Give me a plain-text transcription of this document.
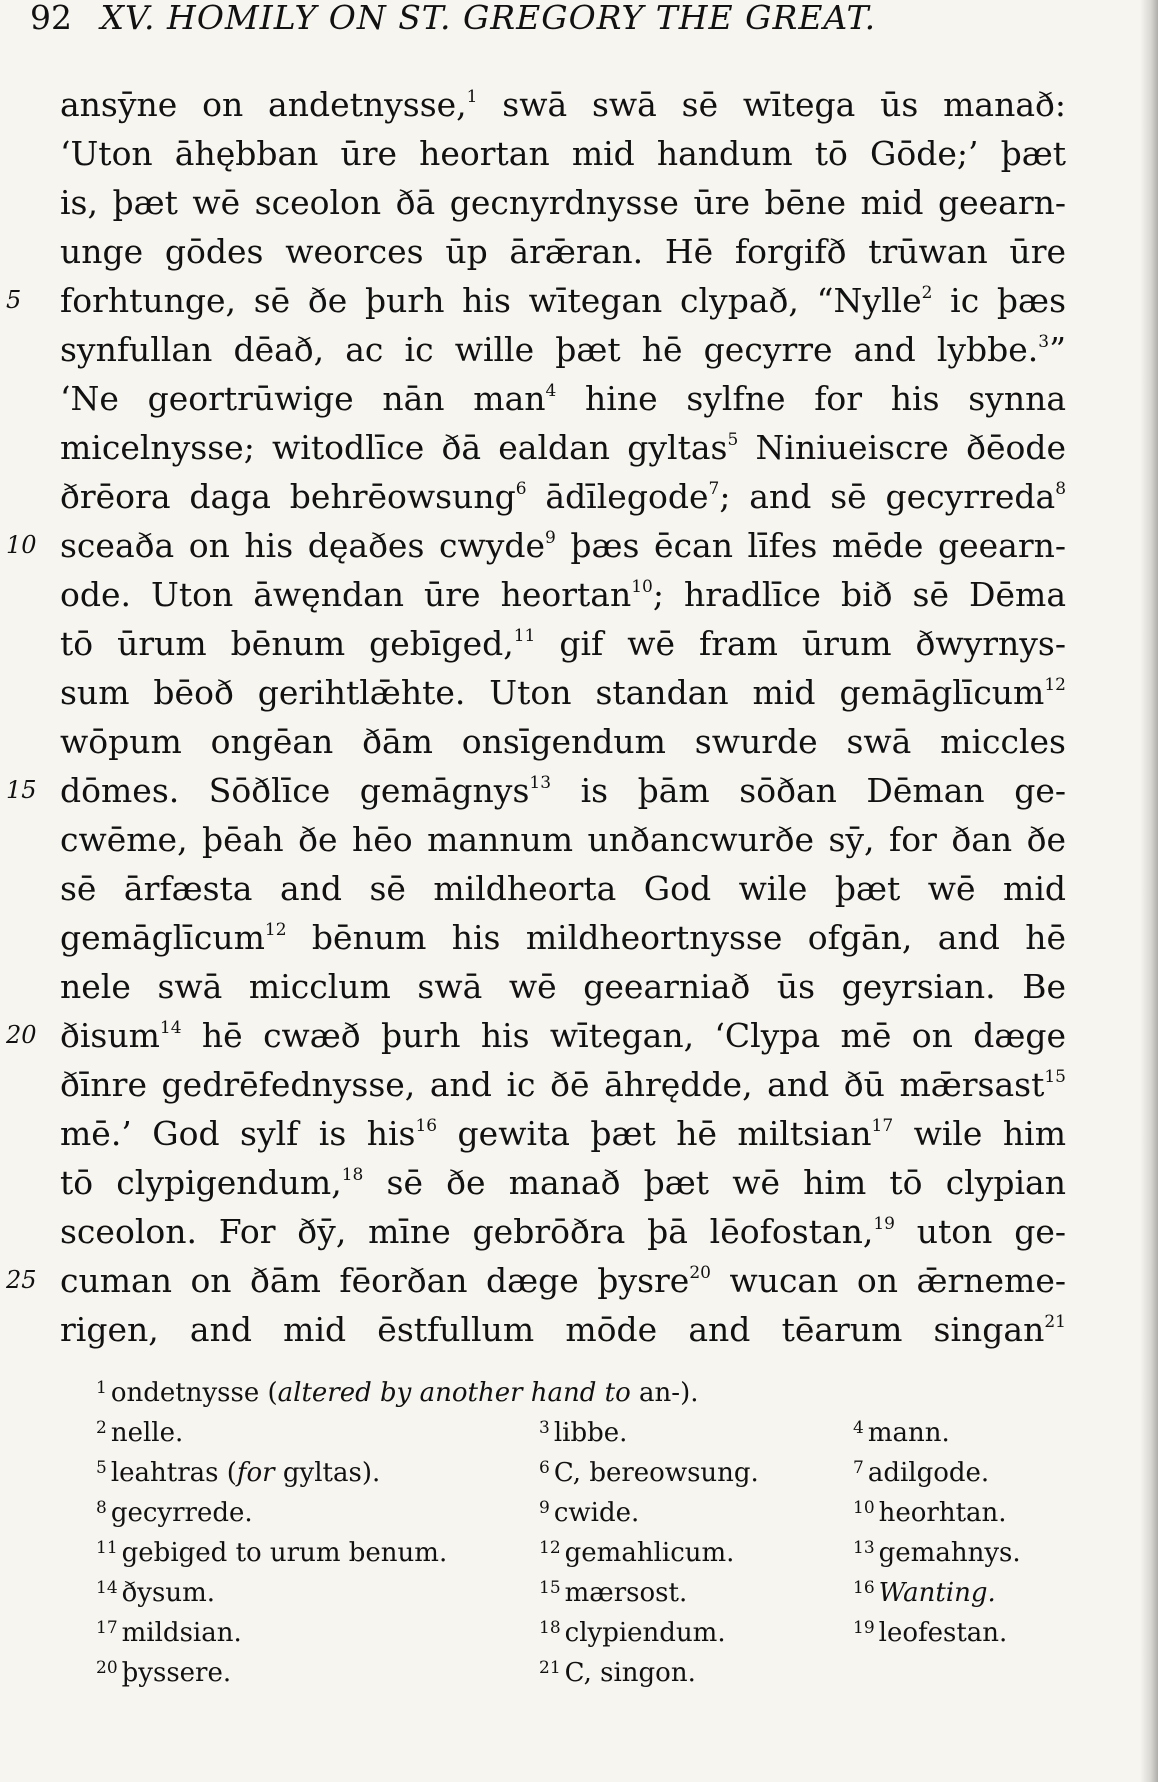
92 XV. HOMILY ON ST. GREGORY THE GREAT.
ansȳne on andetnysse,$^1$ swā swā sē wītega ūs manað:
‘Uton āhębban ūre heortan mid handum tō Gōde;’ þæt
is, þæt wē sceolon ðā gecnyrdnysse ūre bēne mid geearn-
unge gōdes weorces ūp ārǣran. Hē forgifð trūwan ūre
5	forhtunge, sē ðe þurh his wītegan clypað, “Nylle$^2$ ic þæs
synfullan dēað, ac ic wille þæt hē gecyrre and lybbe.$^3$”
‘Ne geortrūwige nān man$^4$ hine sylfne for his synna
micelnysse; witodlīce ðā ealdan gyltas$^5$ Niniueiscre ðēode
ðrēora daga behrēowsung$^6$ ādīlegode$^7$; and sē gecyrreda$^8$
10 sceaða on his dęaðes cwyde$^9$ þæs ēcan līfes mēde geearn-
ode. Uton āwęndan ūre heortan$^{10}$; hradlīce bið sē Dēma
tō ūrum bēnum gebīged,$^{11}$ gif wē fram ūrum ðwyrnys-
sum bēoð gerihtlǣhte. Uton standan mid gemāglīcum$^{12}$
wōpum ongēan ðām onsīgendum swurde swā miccles
15 dōmes. Sōðlīce gemāgnys$^{13}$ is þām sōðan Dēman ge-
cwēme, þēah ðe hēo mannum unðancwurðe sȳ, for ðan ðe
sē ārfæsta and sē mildheorta God wile þæt wē mid
gemāglīcum$^{12}$ bēnum his mildheortnysse ofgān, and hē
nele swā micclum swā wē geearniað ūs geyrsian. Be
20 ðisum$^{14}$ hē cwæð þurh his wītegan, ‘Clypa mē on dæge
ðīnre gedrēfednysse, and ic ðē āhrędde, and ðū mǣrsast$^{15}$
mē.’ God sylf is his$^{16}$ gewita þæt hē miltsian$^{17}$ wile him
tō clypigendum,$^{18}$ sē ðe manað þæt wē him tō clypian
sceolon. For ðȳ, mīne gebrōðra þā lēofostan,$^{19}$ uton ge-
25 cuman on ðām fēorðan dæge þysre$^{20}$ wucan on ǣrneme-
rigen, and mid ēstfullum mōde and tēarum singan$^{21}$
$^1$ ondetnysse (altered by another hand to an-).
$^2$ nelle.	$^3$ libbe.	$^4$ mann.
$^5$ leahtras (for gyltas).	$^6$ C, bereowsung.	$^7$ adilgode.
$^8$ gecyrrede.	$^9$ cwide.	$^{10}$ heorhtan.
$^{11}$ gebiged to urum benum.	$^{12}$ gemahlicum.	$^{13}$ gemahnys.
$^{14}$ ðysum.	$^{15}$ mærsost.	$^{16}$ Wanting.
$^{17}$ mildsian.	$^{18}$ clypiendum.	$^{19}$ leofestan.
$^{20}$ þyssere.	$^{21}$ C, singon.
